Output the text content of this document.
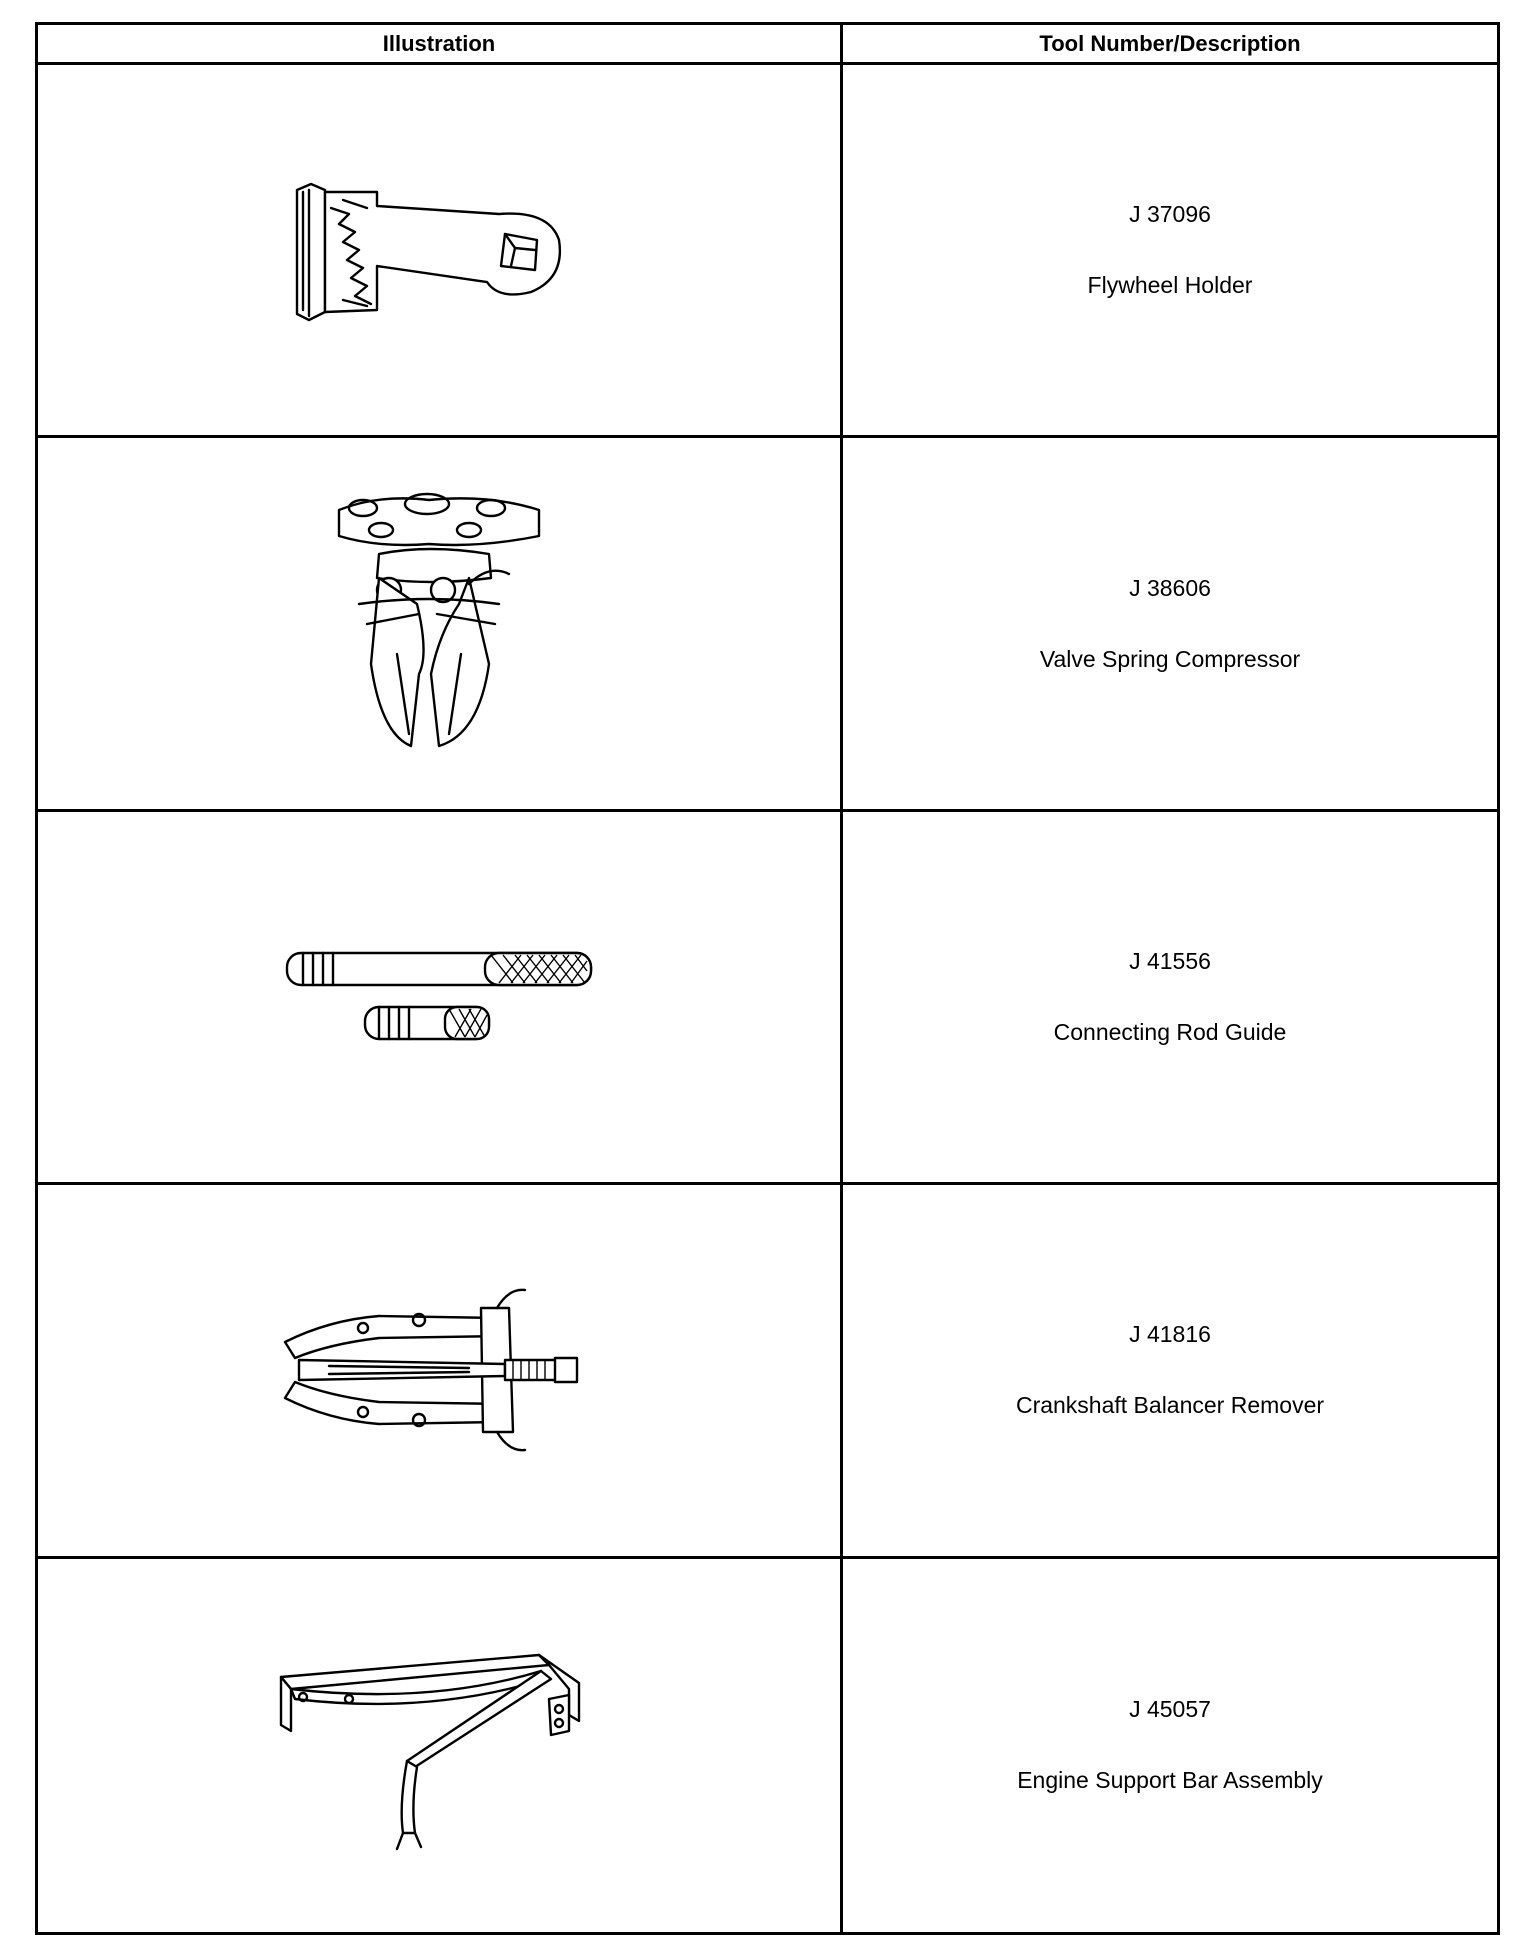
Illustration	Tool Number/Description
J 37096
Flywheel Holder
J 38606
Valve Spring Compressor
J 41556
Connecting Rod Guide
J 41816
Crankshaft Balancer Remover
J 45057
Engine Support Bar Assembly
